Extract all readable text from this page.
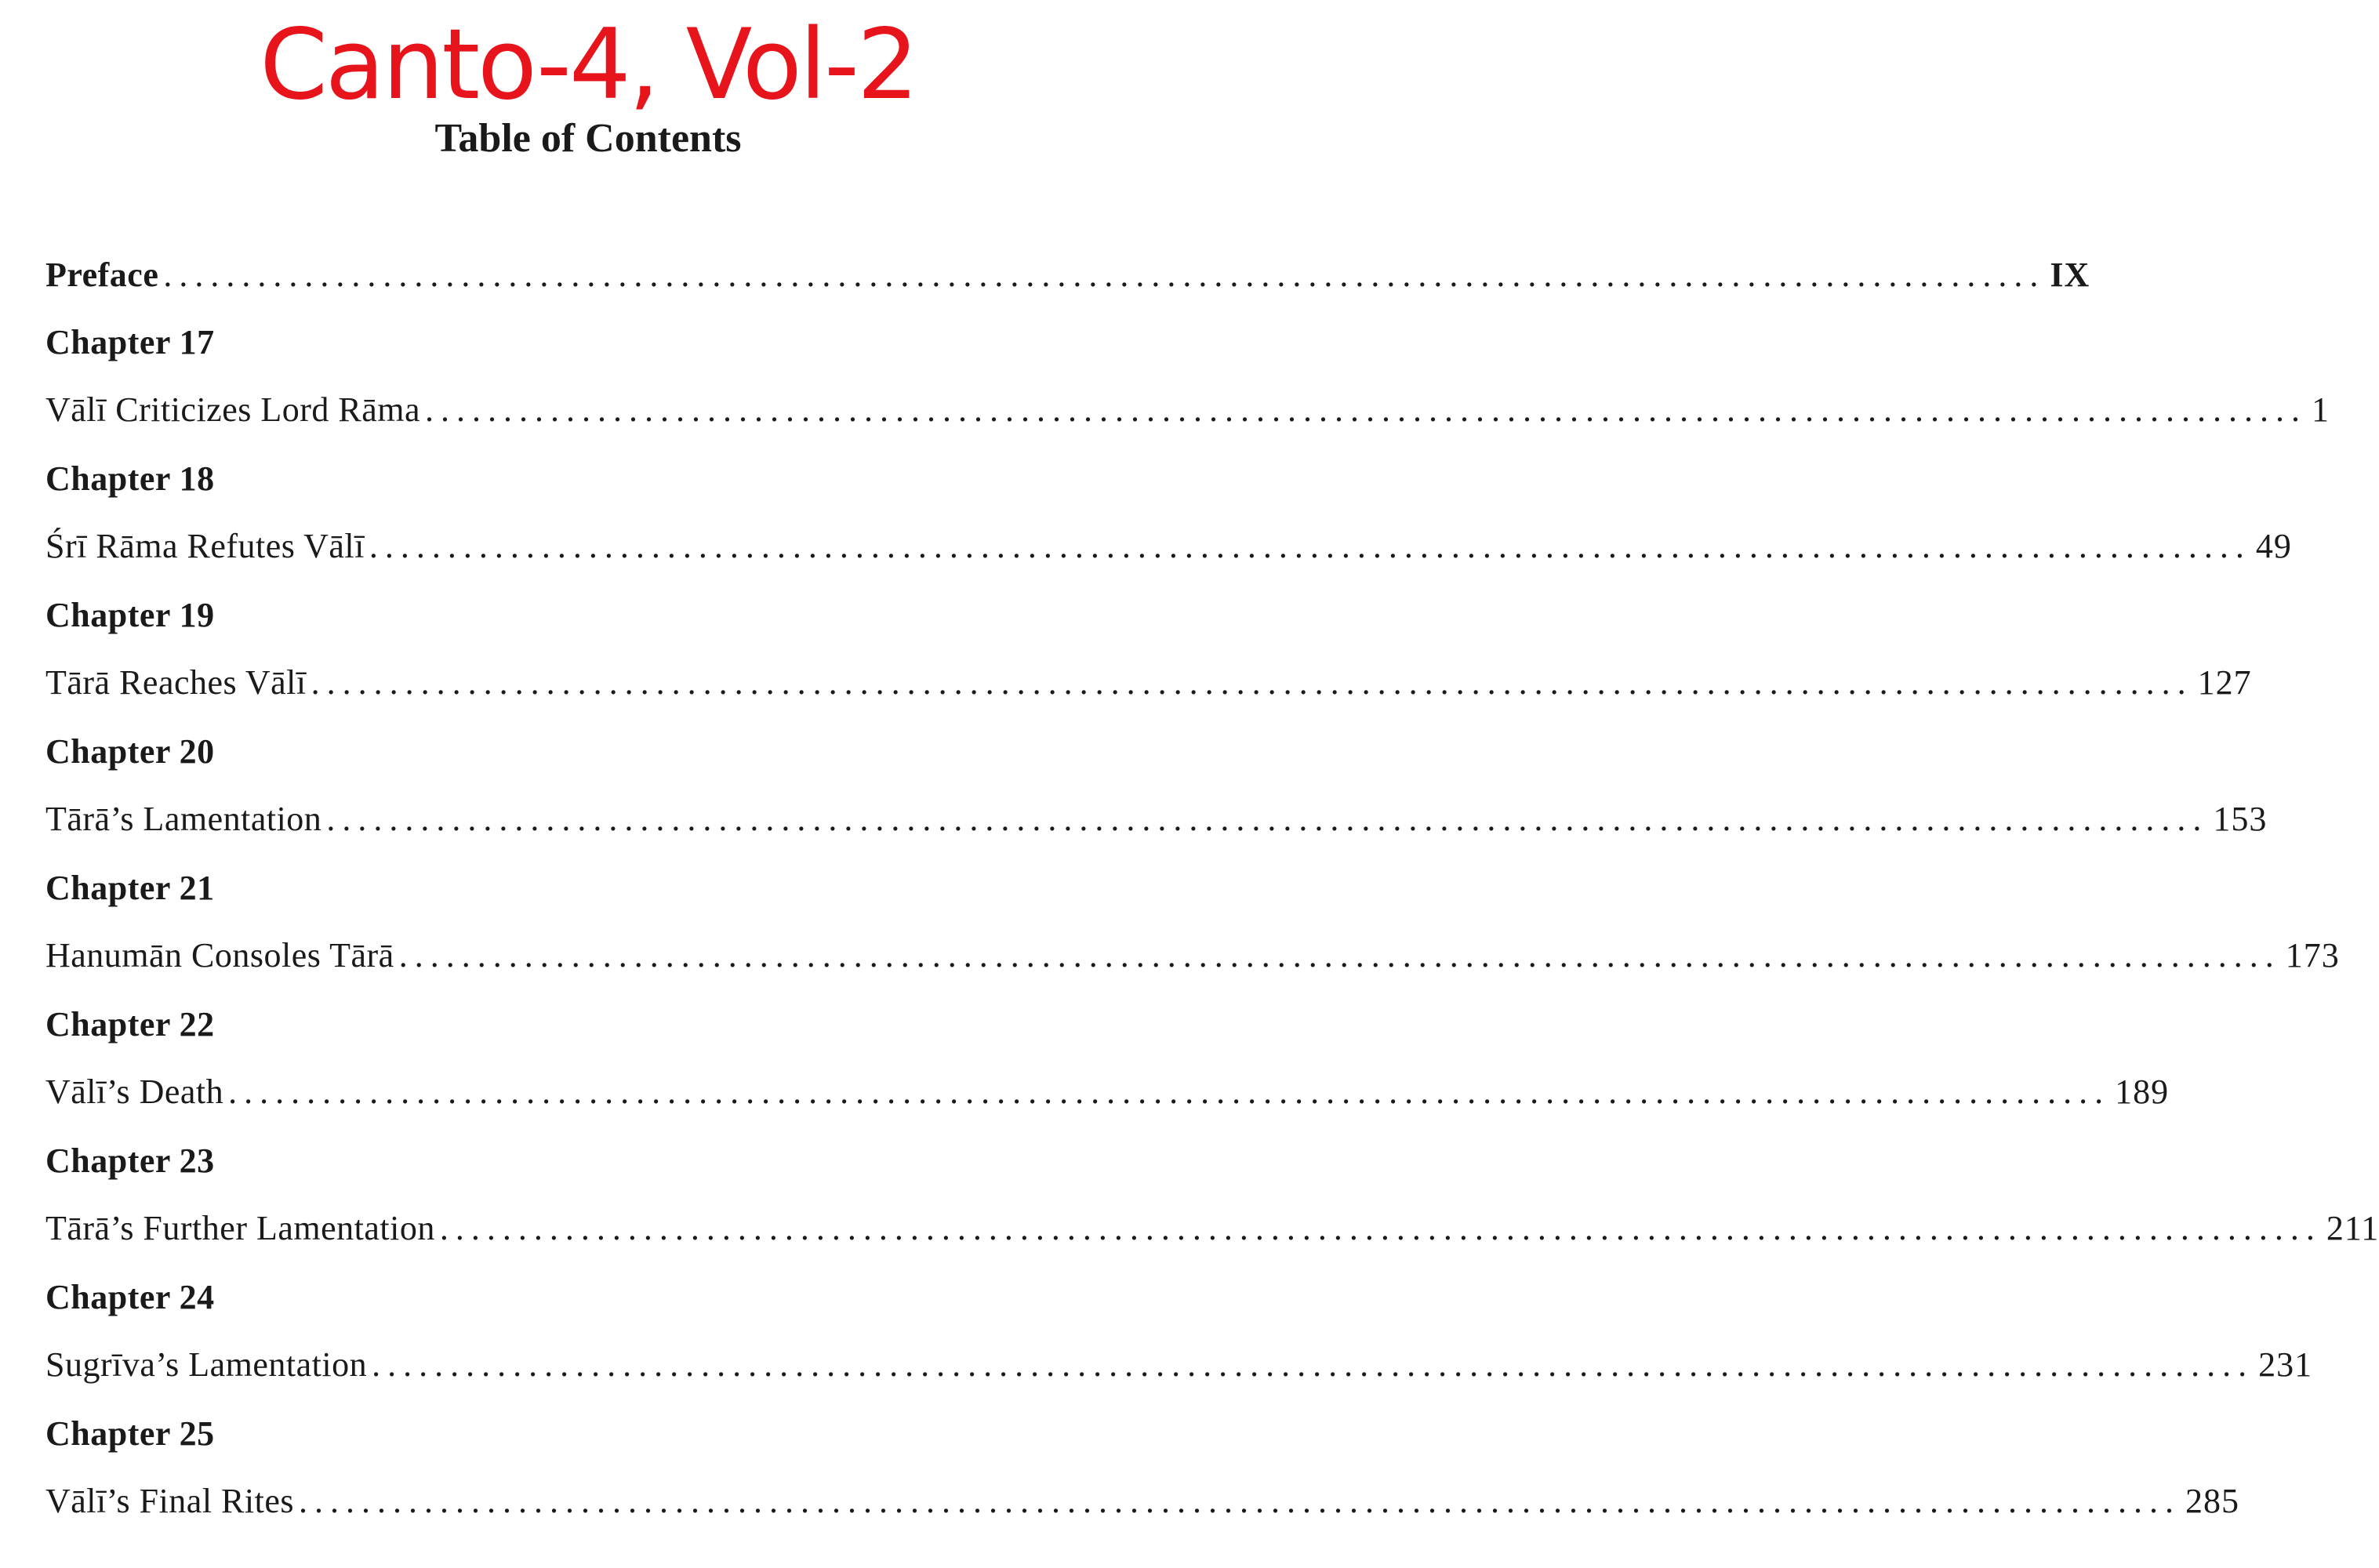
Canto-4, Vol-2
Table of Contents
Preface ........................................................................................................................ IX
Chapter 17
Vālī Criticizes Lord Rāma ........................................................................................................................ 1
Chapter 18
Śrī Rāma Refutes Vālī ........................................................................................................................ 49
Chapter 19
Tārā Reaches Vālī ........................................................................................................................ 127
Chapter 20
Tārā’s Lamentation ........................................................................................................................ 153
Chapter 21
Hanumān Consoles Tārā ........................................................................................................................ 173
Chapter 22
Vālī’s Death ........................................................................................................................ 189
Chapter 23
Tārā’s Further Lamentation ........................................................................................................................ 211
Chapter 24
Sugrīva’s Lamentation ........................................................................................................................ 231
Chapter 25
Vālī’s Final Rites ........................................................................................................................ 285
